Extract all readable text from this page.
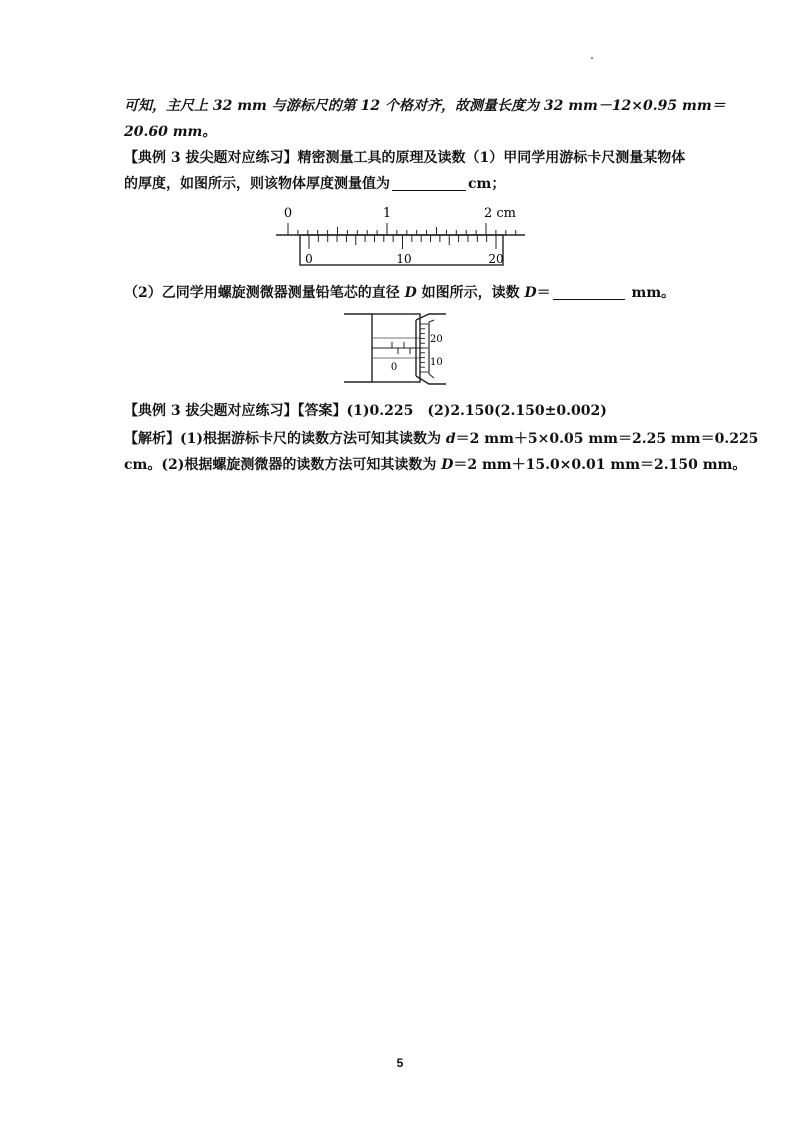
可知，主尺上 32 mm 与游标尺的第 12 个格对齐，故测量长度为 32 mm－12×0.95 mm＝
20.60 mm。
【典例 3 拔尖题对应练习】精密测量工具的原理及读数（1）甲同学用游标卡尺测量某物体
的厚度，如图所示，则该物体厚度测量值为	cm；
0	1	2 cm
0	10	20
（2）乙同学用螺旋测微器测量铅笔芯的直径 D 如图所示，读数 D＝	mm。
0
20
10
【典例 3 拔尖题对应练习】【答案】(1)0.225　(2)2.150(2.150±0.002)
【解析】(1)根据游标卡尺的读数方法可知其读数为 d＝2 mm＋5×0.05 mm＝2.25 mm＝0.225
cm。(2)根据螺旋测微器的读数方法可知其读数为 D＝2 mm＋15.0×0.01 mm＝2.150 mm。
5
